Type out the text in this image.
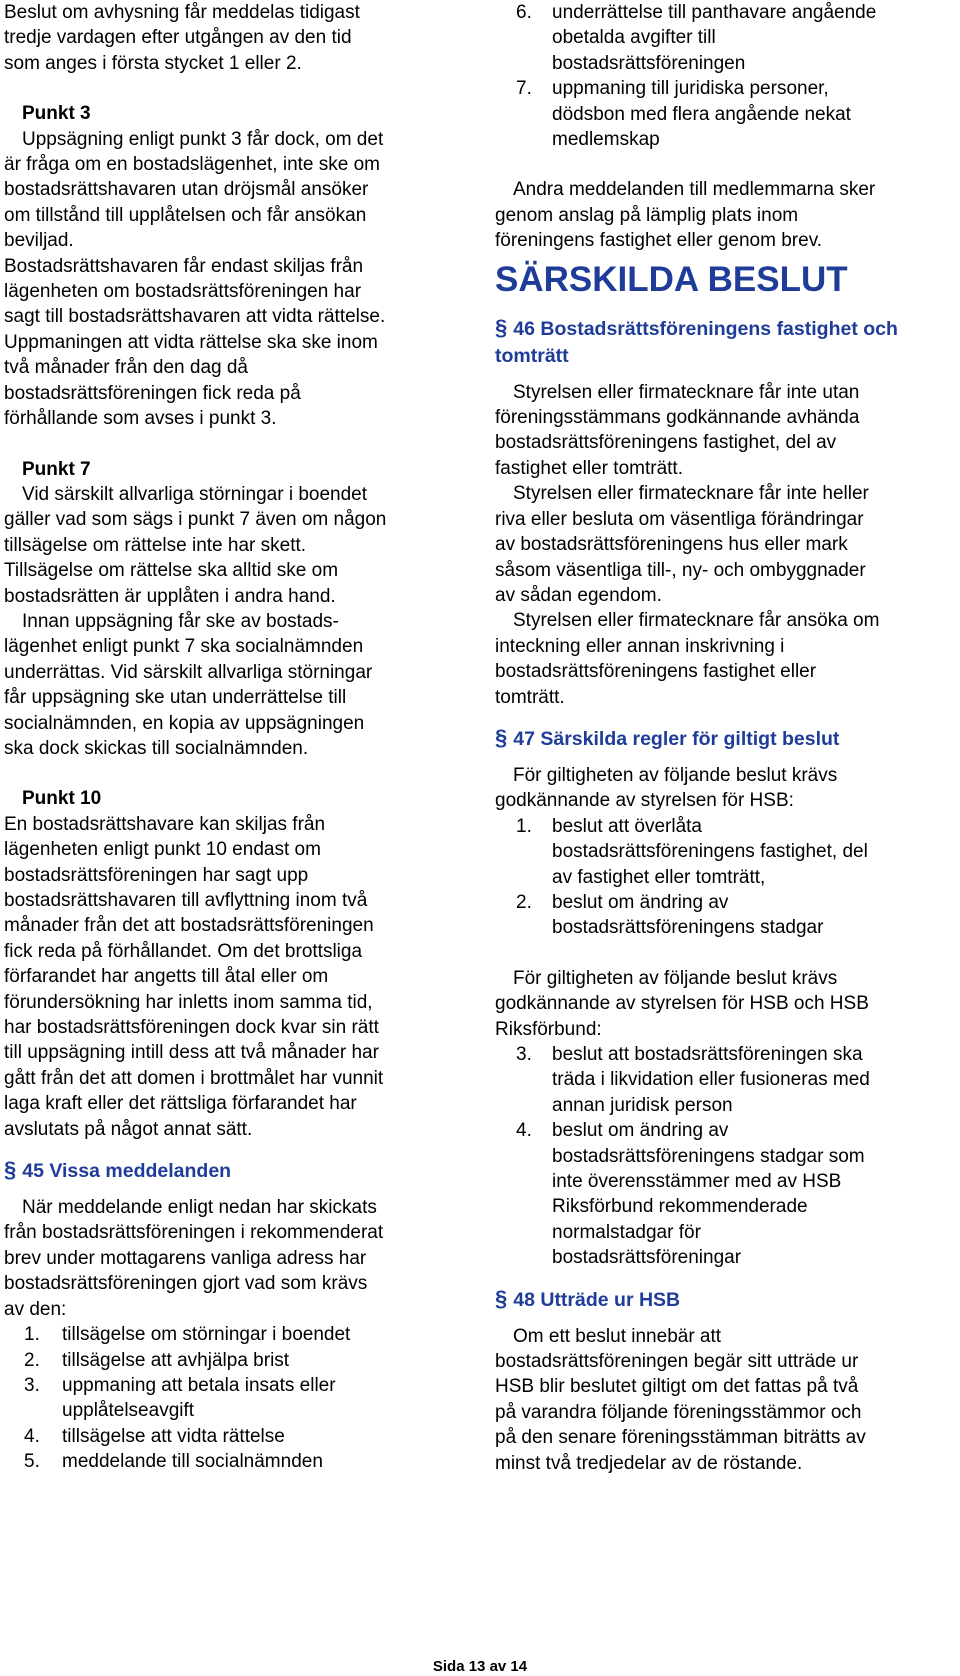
Beslut om avhysning får meddelas tidigast

tredje vardagen efter utgången av den tid

som anges i första stycket 1 eller 2.

Punkt 3

Uppsägning enligt punkt 3 får dock, om det

är fråga om en bostadslägenhet, inte ske om

bostadsrättshavaren utan dröjsmål ansöker

om tillstånd till upplåtelsen och får ansökan

beviljad.

Bostadsrättshavaren får endast skiljas från

lägenheten om bostadsrättsföreningen har

sagt till bostadsrättshavaren att vidta rättelse.

Uppmaningen att vidta rättelse ska ske inom

två månader från den dag då

bostadsrättsföreningen fick reda på

förhållande som avses i punkt 3.

Punkt 7

Vid särskilt allvarliga störningar i boendet

gäller vad som sägs i punkt 7 även om någon

tillsägelse om rättelse inte har skett.

Tillsägelse om rättelse ska alltid ske om

bostadsrätten är upplåten i andra hand.

Innan uppsägning får ske av bostads-

lägenhet enligt punkt 7 ska socialnämnden

underrättas. Vid särskilt allvarliga störningar

får uppsägning ske utan underrättelse till

socialnämnden, en kopia av uppsägningen

ska dock skickas till socialnämnden.

Punkt 10

En bostadsrättshavare kan skiljas från

lägenheten enligt punkt 10 endast om

bostadsrättsföreningen har sagt upp

bostadsrättshavaren till avflyttning inom två

månader från det att bostadsrättsföreningen

fick reda på förhållandet. Om det brottsliga

förfarandet har angetts till åtal eller om

förundersökning har inletts inom samma tid,

har bostadsrättsföreningen dock kvar sin rätt

till uppsägning intill dess att två månader har

gått från det att domen i brottmålet har vunnit

laga kraft eller det rättsliga förfarandet har

avslutats på något annat sätt.

§ 45 Vissa meddelanden

När meddelande enligt nedan har skickats

från bostadsrättsföreningen i rekommenderat

brev under mottagarens vanliga adress har

bostadsrättsföreningen gjort vad som krävs

av den:

1. tillsägelse om störningar i boendet
2. tillsägelse att avhjälpa brist
3. uppmaning att betala insats eller
upplåtelseavgift
4. tillsägelse att vidta rättelse
5. meddelande till socialnämnden
6. underrättelse till panthavare angående
obetalda avgifter till
bostadsrättsföreningen
7. uppmaning till juridiska personer,
dödsbon med flera angående nekat
medlemskap

Andra meddelanden till medlemmarna sker

genom anslag på lämplig plats inom

föreningens fastighet eller genom brev.

SÄRSKILDA BESLUT
§ 46 Bostadsrättsföreningens fastighet och
tomträtt

Styrelsen eller firmatecknare får inte utan

föreningsstämmans godkännande avhända

bostadsrättsföreningens fastighet, del av

fastighet eller tomträtt.

Styrelsen eller firmatecknare får inte heller

riva eller besluta om väsentliga förändringar

av bostadsrättsföreningens hus eller mark

såsom väsentliga till-, ny- och ombyggnader

av sådan egendom.

Styrelsen eller firmatecknare får ansöka om

inteckning eller annan inskrivning i

bostadsrättsföreningens fastighet eller

tomträtt.

§ 47 Särskilda regler för giltigt beslut

För giltigheten av följande beslut krävs

godkännande av styrelsen för HSB:

1. beslut att överlåta
bostadsrättsföreningens fastighet, del
av fastighet eller tomträtt,
2. beslut om ändring av
bostadsrättsföreningens stadgar

För giltigheten av följande beslut krävs

godkännande av styrelsen för HSB och HSB

Riksförbund:

3. beslut att bostadsrättsföreningen ska
träda i likvidation eller fusioneras med
annan juridisk person
4. beslut om ändring av
bostadsrättsföreningens stadgar som
inte överensstämmer med av HSB
Riksförbund rekommenderade
normalstadgar för
bostadsrättsföreningar
§ 48 Utträde ur HSB

Om ett beslut innebär att

bostadsrättsföreningen begär sitt utträde ur

HSB blir beslutet giltigt om det fattas på två

på varandra följande föreningsstämmor och

på den senare föreningsstämman biträtts av

minst två tredjedelar av de röstande.

Sida 13 av 14
